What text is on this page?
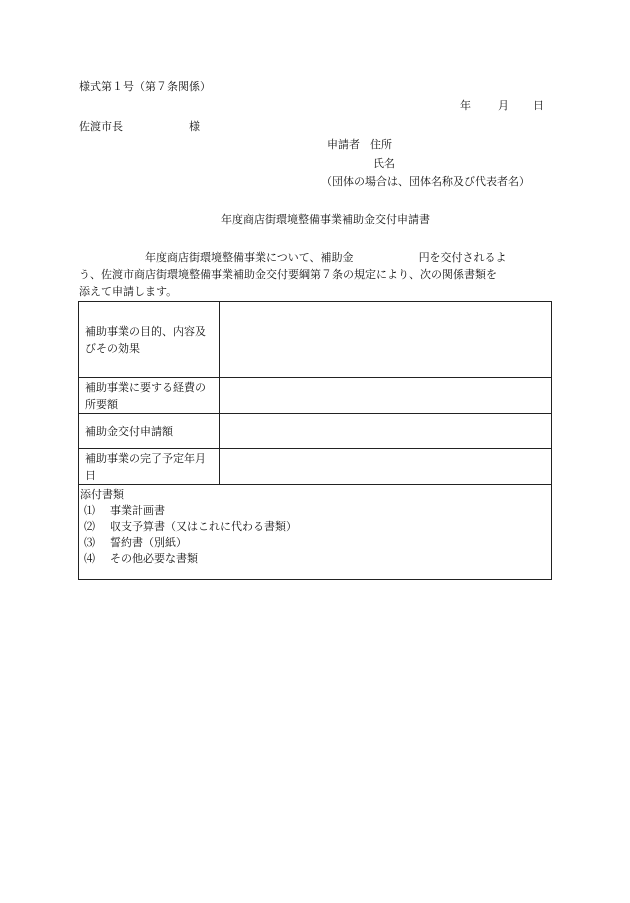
様式第１号（第７条関係）
年 月 日
佐渡市長	様
申請者 住所
氏名
（団体の場合は、団体名称及び代表者名）
年度商店街環境整備事業補助金交付申請書
年度商店街環境整備事業について、補助金	円を交付されるよ
う、佐渡市商店街環境整備事業補助金交付要綱第７条の規定により、次の関係書類を
添えて申請します。
補助事業の目的、内容及びその効果	
補助事業に要する経費の所要額	
補助金交付申請額	
補助事業の完了予定年月日	

添付書類
⑴ 事業計画書
⑵ 収支予算書（又はこれに代わる書類）
⑶ 誓約書（別紙）
⑷ その他必要な書類	
